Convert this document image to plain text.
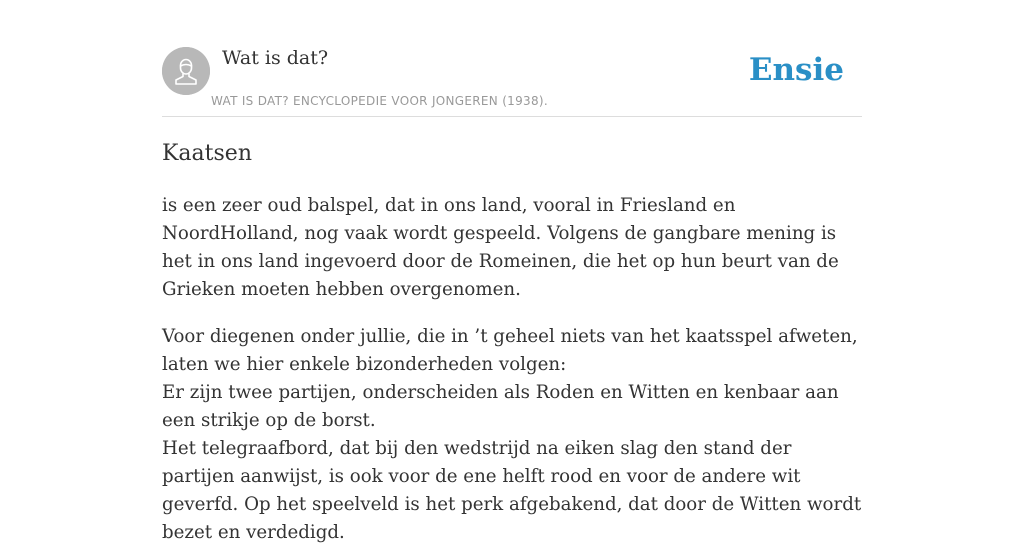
Wat is dat?
WAT IS DAT? ENCYCLOPEDIE VOOR JONGEREN (1938).
Ensie
Kaatsen

is een zeer oud balspel, dat in ons land, vooral in Friesland en NoordHolland, nog vaak wordt gespeeld. Volgens de gangbare mening is het in ons land ingevoerd door de Romeinen, die het op hun beurt van de Grieken moeten hebben overgenomen.

Voor diegenen onder jullie, die in ’t geheel niets van het kaatsspel afweten, laten we hier enkele bizonderheden volgen:
Er zijn twee partijen, onderscheiden als Roden en Witten en kenbaar aan een strikje op de borst.
Het telegraafbord, dat bij den wedstrijd na eiken slag den stand der partijen aanwijst, is ook voor de ene helft rood en voor de andere wit geverfd. Op het speelveld is het perk afgebakend, dat door de Witten wordt bezet en verdedigd.
